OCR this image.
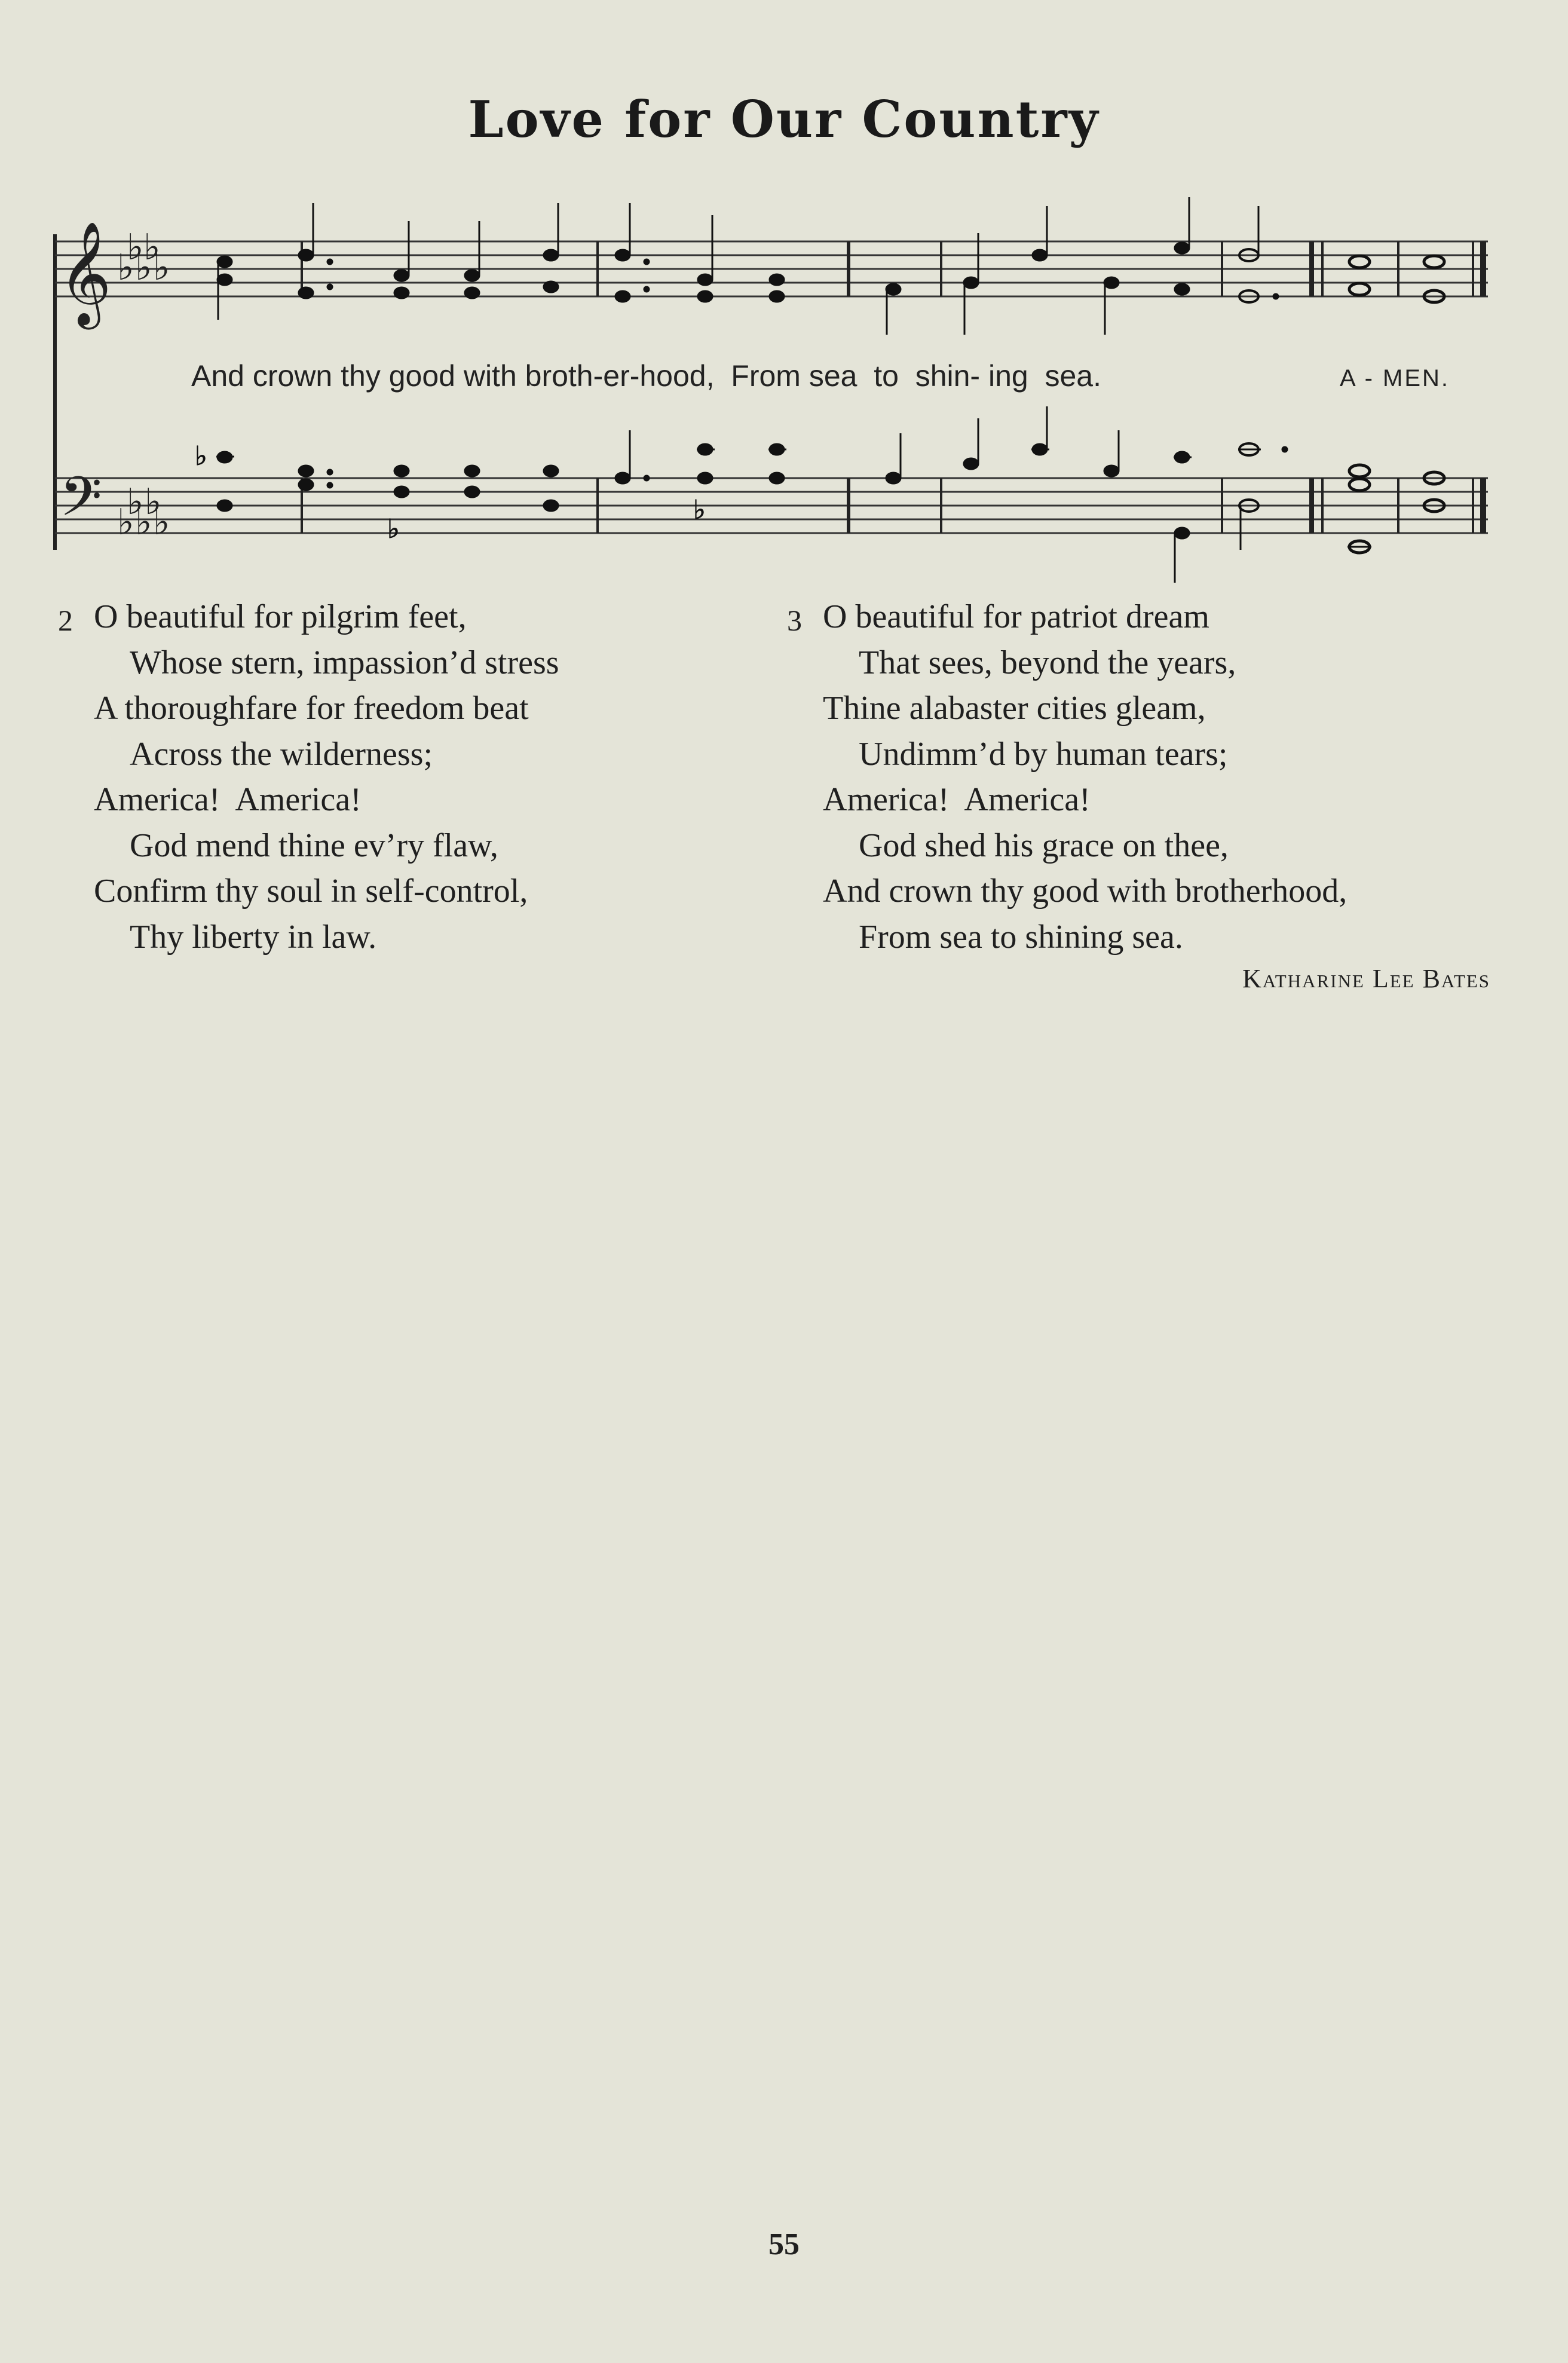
Love for Our Country
𝄞 ♭ ♭
♭ ♭ ♭
𝄢 ♭ ♭
♭ ♭ ♭
♭
♭
♭
And crown thy good with broth-er-hood,  From sea  to  shin- ing  sea.	A - MEN.
2 O beautiful for pilgrim feet,
Whose stern, impassion’d stress
A thoroughfare for freedom beat
Across the wilderness;
America!  America!
God mend thine ev’ry flaw,
Confirm thy soul in self-control,
Thy liberty in law.
3 O beautiful for patriot dream
That sees, beyond the years,
Thine alabaster cities gleam,
Undimm’d by human tears;
America!  America!
God shed his grace on thee,
And crown thy good with brotherhood,
From sea to shining sea.
Katharine Lee Bates
55
